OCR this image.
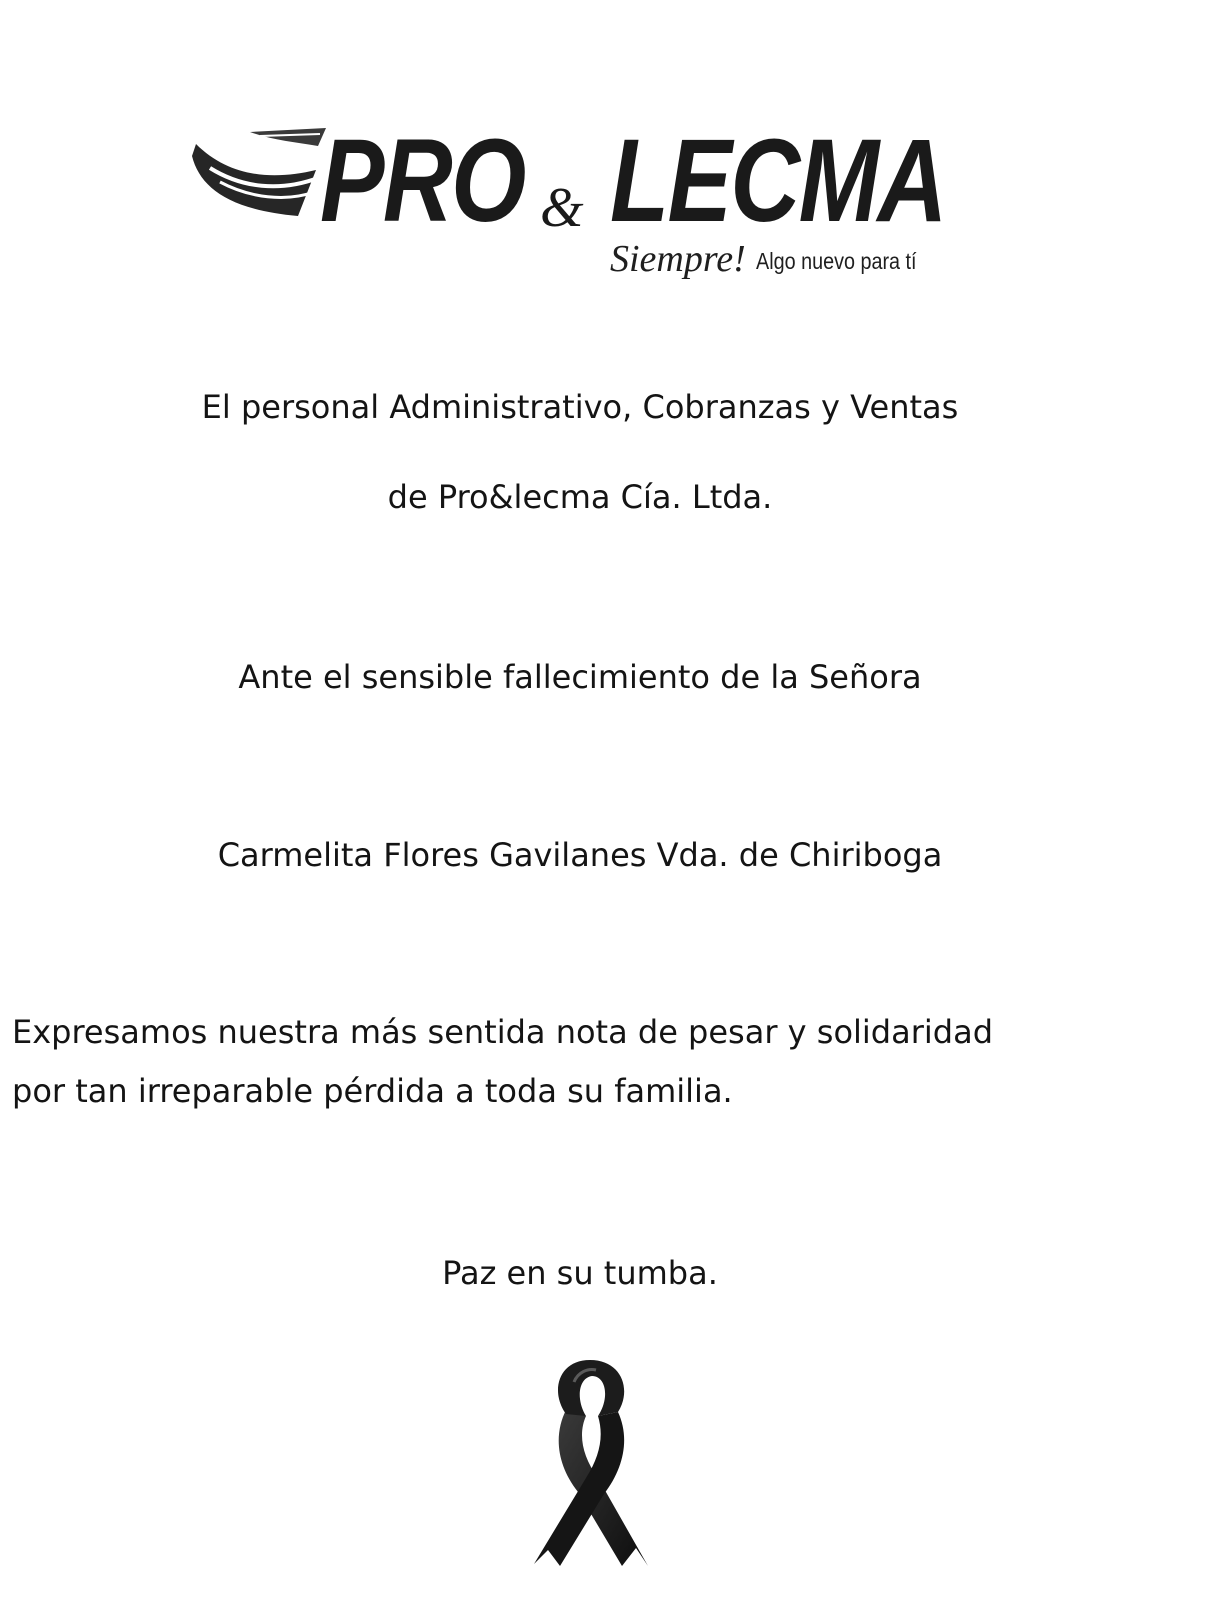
PRO & LECMA
Siempre! Algo nuevo para tí

El personal Administrativo, Cobranzas y Ventas

de Pro&lecma Cía. Ltda.

Ante el sensible fallecimiento de la Señora

Carmelita Flores Gavilanes Vda. de Chiriboga

Expresamos nuestra más sentida nota de pesar y solidaridad

por tan irreparable pérdida a toda su familia.

Paz en su tumba.
